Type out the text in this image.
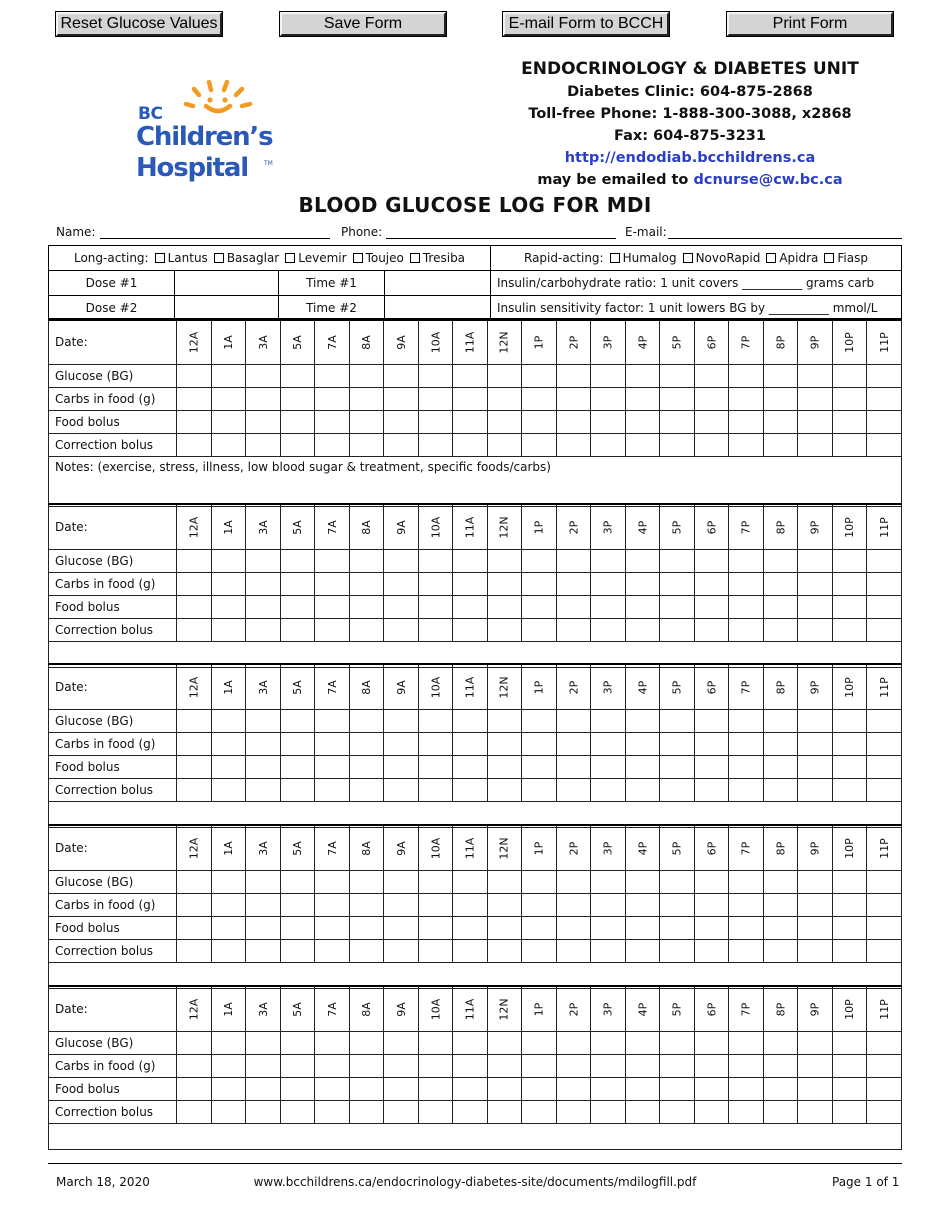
Reset Glucose Values	Save Form	E-mail Form to BCCH	Print Form
BC
Children’s
Hospital	TM
ENDOCRINOLOGY & DIABETES UNIT
Diabetes Clinic: 604-875-2868
Toll-free Phone: 1-888-300-3088, x2868
Fax: 604-875-3231
http://endodiab.bcchildrens.ca
may be emailed to dcnurse@cw.bc.ca
BLOOD GLUCOSE LOG FOR MDI
Name:	Phone:	E-mail:
Long-acting: Lantus Basaglar Levemir Toujeo Tresiba				Rapid-acting: Humalog NovoRapid Apidra Fiasp
Dose #1		Time #1		Insulin/carbohydrate ratio: 1 unit covers __________ grams carb
Dose #2		Time #2		Insulin sensitivity factor: 1 unit lowers BG by __________ mmol/L
Date:	12A	1A	3A	5A	7A	8A	9A	10A	11A	12N	1P	2P	3P	4P	5P	6P	7P	8P	9P	10P	11P
Glucose (BG)																					
Carbs in food (g)																					
Food bolus																					
Correction bolus																					
Notes: (exercise, stress, illness, low blood sugar & treatment, specific foods/carbs)																					
Date:	12A	1A	3A	5A	7A	8A	9A	10A	11A	12N	1P	2P	3P	4P	5P	6P	7P	8P	9P	10P	11P
Glucose (BG)																					
Carbs in food (g)																					
Food bolus																					
Correction bolus																					

Date:	12A	1A	3A	5A	7A	8A	9A	10A	11A	12N	1P	2P	3P	4P	5P	6P	7P	8P	9P	10P	11P
Glucose (BG)																					
Carbs in food (g)																					
Food bolus																					
Correction bolus																					

Date:	12A	1A	3A	5A	7A	8A	9A	10A	11A	12N	1P	2P	3P	4P	5P	6P	7P	8P	9P	10P	11P
Glucose (BG)																					
Carbs in food (g)																					
Food bolus																					
Correction bolus																					

Date:	12A	1A	3A	5A	7A	8A	9A	10A	11A	12N	1P	2P	3P	4P	5P	6P	7P	8P	9P	10P	11P
Glucose (BG)																					
Carbs in food (g)																					
Food bolus																					
Correction bolus																					

March 18, 2020	www.bcchildrens.ca/endocrinology-diabetes-site/documents/mdilogfill.pdf	Page 1 of 1
